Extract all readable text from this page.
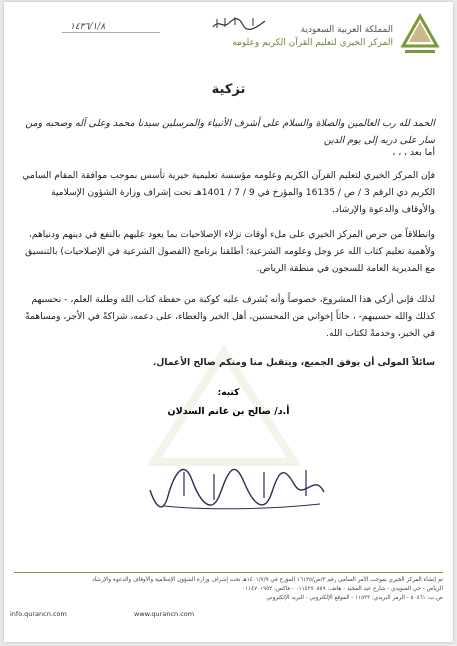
المملكة العربية السعودية
المركز الخيري لتعليم القرآن الكريم وعلومه
١٤٣٦/١/٨
تزكية
الحمد لله رب العالمين والصلاة والسلام على أشرف الأنبياء والمرسلين سيدنا محمد وعلى آله وصحبه ومن سار على دربه إلى يوم الدين
أما بعد ، ، ،
فإن المركز الخيري لتعليم القرآن الكريم وعلومه مؤسسة تعليمية خيرية تأسس بموجب موافقة المقام السامي الكريم ذي الرقم 3 / ص / 16135 والمؤرخ في 9 / 7 / 1401هـ تحت إشراف وزارة الشؤون الإسلامية والأوقاف والدعوة والإرشاد.
وانطلاقاً من حرص المركز الخيري على ملء أوقات نزلاء الإصلاحيات بما يعود عليهم بالنفع في دينهم ودنياهم، ولأهمية تعليم كتاب الله عز وجل وعلومه الشرعية؛ أطلقنا برنامج (الفصول الشرعية في الإصلاحيات) بالتنسيق مع المديرية العامة للسجون في منطقة الرياض.
لذلك فإني أزكي هذا المشروع، خصوصاً وأنه يُشرف عليه كوكبة من حفظة كتاب الله وطلبة العلم، - نحسبهم كذلك والله حسيبهم- ، حاثاً إخواني من المحسنين، أهل الخير والعطاء، على دعمه، شراكةً في الأجر، ومساهمةً في الخير، وخدمةً لكتاب الله.
سائلاً المولى أن يوفق الجميع، ويتقبل منا ومنكم صالح الأعمال.
كتبه:
أ.د/ صالح بن غانم السدلان
تم إنشاء المركز الخيري بموجب الأمر السامي رقم ٣/ص/١٦١٣٥ المؤرخ في ١٤٠١/٧/٩هـ تحت إشراف وزارة الشؤون الإسلامية والأوقاف والدعوة والإرشاد
الرياض - حي السويدي - شارع عبد المجيد - هاتف: ٠١١٤٢٧٠٥٥٩ - فاكس: ٠١١٤٧٠١٩٥٢
ص.ب: ٥٠٨٦١ - الرمز البريدي: ١١٥٣٣ - الموقع الإلكتروني - البريد الإلكتروني
info.qurancn.com	www.qurancn.com
